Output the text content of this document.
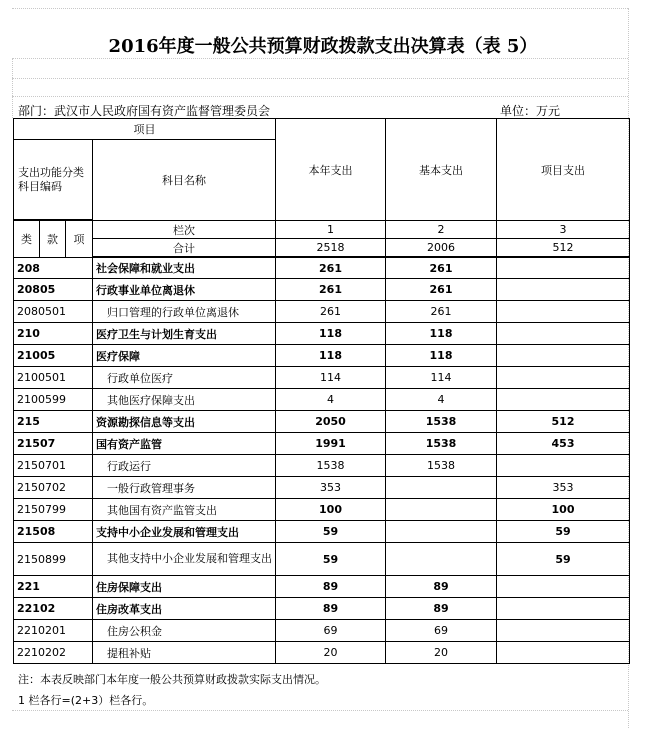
2016年度一般公共预算财政拨款支出决算表（表 5）
部门：武汉市人民政府国有资产监督管理委员会	单位：万元
项目				本年支出	基本支出	项目支出
支出功能分类科目编码			科目名称			

类	款	项	栏次	1	2	3
			合计	2518	2006	512

208			社会保障和就业支出	261	261	
20805			行政事业单位离退休	261	261	
2080501			归口管理的行政单位离退休	261	261	
210			医疗卫生与计划生育支出	118	118	
21005			医疗保障	118	118	
2100501			行政单位医疗	114	114	
2100599			其他医疗保障支出	4	4	
215			资源勘探信息等支出	2050	1538	512
21507			国有资产监管	1991	1538	453
2150701			行政运行	1538	1538	
2150702			一般行政管理事务	353		353
2150799			其他国有资产监管支出	100		100
21508			支持中小企业发展和管理支出	59		59
2150899			其他支持中小企业发展和管理支出	59		59
221			住房保障支出	89	89	
22102			住房改革支出	89	89	
2210201			住房公积金	69	69	
2210202			提租补贴	20	20	
注：本表反映部门本年度一般公共预算财政拨款实际支出情况。
1 栏各行=(2+3）栏各行。
